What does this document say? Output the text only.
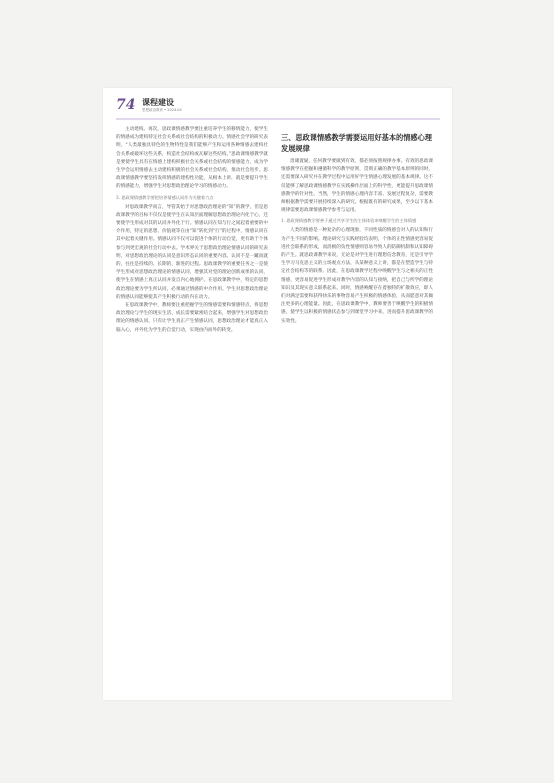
74 课程建设
思想政治教育 • 2024.04

主动建构。再次，思政课情感教学要注重培养学生的移情能力，使学生的情感成为建构特定社会关系或社会结构的积极动力。情感社会学的研究表明，“人类最独具特色的生物特性是我们能够产生和运用各种情感去建构社会关系或破坏这些关系，构造社会结构或瓦解这些结构。”思政课情感教学就是要使学生具有在情感上建构积极社会关系或社会结构的情感能力，成为学生学会运用情感去主动建构积极的社会关系或社会结构，推动社会进步。思政课情感教学要坚持发挥情感的建构性功能，从根本上讲，就是要提升学生的情感能力，增强学生对思想政治理论学习的情感动力。

3. 思政课情感教学要把培养情感认同作为关键着力点

对思政课教学而言，导管其始于对思想政治理论的“知”的教学，但是思政课教学的目标不仅仅是使学生在认知层面理解思想政治理论内化于心，还要使学生形成对其的认同并外化于行。情感认同在知与行之间起着重要的中介作用，特定的思想、价值观等在由“知”转化到“行”的过程中，情感认同在其中起着关键作用。情感认同不仅可以促进个体的行动自觉，更有助于个体参与到更宏观的社会行动中去。学术界关于思想政治理论情感认同的研究表明，对思想政治理论的认同是意识形态认同的重要内容。认同不是一蹴而就的，往往是持续的、长期的、渐进的过程。思政课教学的重要任务之一是使学生形成对思想政治理论的情感认同，增强其对党的理论创新成果的认同，使学生在情感上真正认同并发自内心地拥护。在思政课教学中，特定的思想政治理论要为学生所认同，必须通过情感的中介作用。学生对思想政治理论的情感认同能够使其产生积极行动的内在动力。

在思政课教学中，教师要注重把握学生的情感需要和情感特点，将思想政治理论与学生的现实生活、成长需要紧密结合起来，增强学生对思想政治理论的情感认同。只有让学生真正产生情感认同，思想政治理论才能真正入脑入心，并外化为学生的自觉行动，实现由内而外的转变。

三、思政课情感教学需要运用好基本的情感心理发展规律

毋庸置疑，任何教学要做到有效，都必须按照规律办事。有效的思政课情感教学在把握和遵循科学的教学原则，贯彻正确的教学基本原则的同时，还需要深入研究并在教学过程中运用好学生情感心理发展的基本规律。这不仅能够了解思政课情感教学在实践操作层面上的科学性，更能提升思政课情感教学的针对性。当然，学生的情感心理内容丰富、发展过程复杂，需要教师根据教学需要开展持续深入的研究。根据既有的研究成果，至少以下基本规律需要思政课情感教学参考与运用。

1. 思政课情感教学要善于通过共享学生的主体体验来唤醒学生的主体情感

人类的情感是一种复杂的心理现象，不同性质的情感会对人的认知和行为产生不同的影响。理论研究与实践经验均表明，个体的正性情感更容易促进社会联系的形成，而消极的负性情感则容易导致人的防御机制和认知障碍的产生。就思政课教学来说，无论是对学生进行理想信念教育，还是引导学生学习马克思主义的立场观点方法，从某种意义上讲，都是在塑造学生与特定社会结构等的联系。因此，在思政课教学过程中唤醒学生与之相关的正性情感，更容易促进学生形成对教学内容的认知与接纳，把自己与所学的理论知识及其现实意义联系起来。同时，情感唤醒存在着独特的扩散效应，即人们对满足需要和获得快乐的事物容易产生积极的情感体验，从而愿意对其倾注更多的心理能量。因此，在思政课教学中，教师要善于唤醒学生的积极情感，使学生以积极的情感状态参与到课堂学习中来，进而提升思政课教学的实效性。
